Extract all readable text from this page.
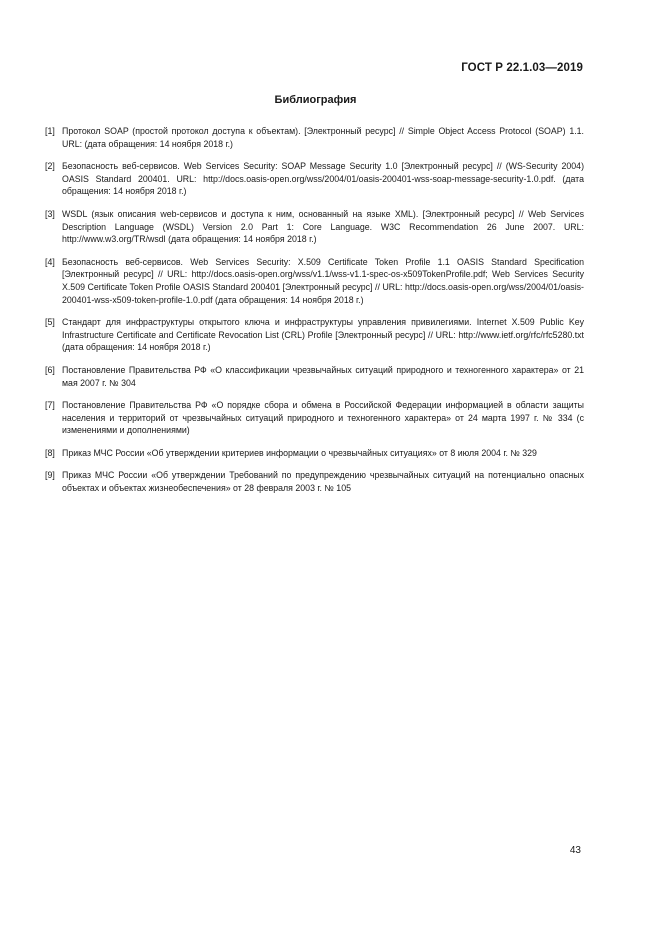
ГОСТ Р 22.1.03—2019
Библиография
[1] Протокол SOAP (простой протокол доступа к объектам). [Электронный ресурс] // Simple Object Access Protocol (SOAP) 1.1. URL: (дата обращения: 14 ноября 2018 г.)
[2] Безопасность веб-сервисов. Web Services Security: SOAP Message Security 1.0 [Электронный ресурс] // (WS-Security 2004) OASIS Standard 200401. URL: http://docs.oasis-open.org/wss/2004/01/oasis-200401-wss-soap-message-security-1.0.pdf. (дата обращения: 14 ноября 2018 г.)
[3] WSDL (язык описания web-сервисов и доступа к ним, основанный на языке XML). [Электронный ресурс] // Web Services Description Language (WSDL) Version 2.0 Part 1: Core Language. W3C Recommendation 26 June 2007. URL: http://www.w3.org/TR/wsdl (дата обращения: 14 ноября 2018 г.)
[4] Безопасность веб-сервисов. Web Services Security: X.509 Certificate Token Profile 1.1 OASIS Standard Specification [Электронный ресурс] // URL: http://docs.oasis-open.org/wss/v1.1/wss-v1.1-spec-os-x509TokenProfile.pdf; Web Services Security X.509 Certificate Token Profile OASIS Standard 200401 [Электронный ресурс] // URL: http://docs.oasis-open.org/wss/2004/01/oasis-200401-wss-x509-token-profile-1.0.pdf (дата обращения: 14 ноября 2018 г.)
[5] Стандарт для инфраструктуры открытого ключа и инфраструктуры управления привилегиями. Internet X.509 Public Key Infrastructure Certificate and Certificate Revocation List (CRL) Profile [Электронный ресурс] // URL: http://www.ietf.org/rfc/rfc5280.txt (дата обращения: 14 ноября 2018 г.)
[6] Постановление Правительства РФ «О классификации чрезвычайных ситуаций природного и техногенного характера» от 21 мая 2007 г. № 304
[7] Постановление Правительства РФ «О порядке сбора и обмена в Российской Федерации информацией в области защиты населения и территорий от чрезвычайных ситуаций природного и техногенного характера» от 24 марта 1997 г. № 334 (с изменениями и дополнениями)
[8] Приказ МЧС России «Об утверждении критериев информации о чрезвычайных ситуациях» от 8 июля 2004 г. № 329
[9] Приказ МЧС России «Об утверждении Требований по предупреждению чрезвычайных ситуаций на потенциально опасных объектах и объектах жизнеобеспечения» от 28 февраля 2003 г. № 105
43
